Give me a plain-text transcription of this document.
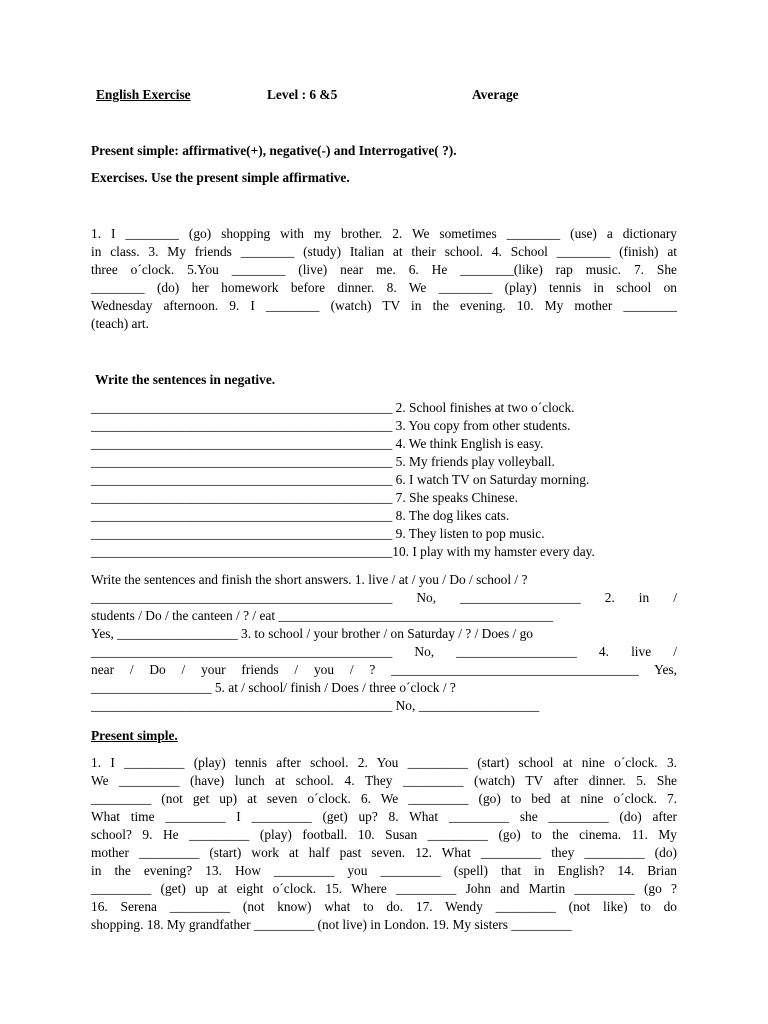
English Exercise	Level : 6 &5	Average
Present simple: affirmative(+), negative(-) and Interrogative( ?).
Exercises. Use the present simple affirmative.
1. I ________ (go) shopping with my brother. 2. We sometimes ________ (use) a dictionary
in class. 3. My friends ________ (study) Italian at their school. 4. School ________ (finish) at
three o´clock. 5.You ________ (live) near me. 6. He ________(like) rap music. 7. She
________ (do) her homework before dinner. 8. We ________ (play) tennis in school on
Wednesday afternoon. 9. I ________ (watch) TV in the evening. 10. My mother ________
(teach) art.
Write the sentences in negative.
_____________________________________________ 2. School finishes at two o´clock.
_____________________________________________ 3. You copy from other students.
_____________________________________________ 4. We think English is easy.
_____________________________________________ 5. My friends play volleyball.
_____________________________________________ 6. I watch TV on Saturday morning.
_____________________________________________ 7. She speaks Chinese.
_____________________________________________ 8. The dog likes cats.
_____________________________________________ 9. They listen to pop music.
_____________________________________________10. I play with my hamster every day.
Write the sentences and finish the short answers. 1. live / at / you / Do / school / ?
_____________________________________________ No, __________________ 2. in /
students / Do / the canteen / ? / eat _________________________________________
Yes, __________________ 3. to school / your brother / on Saturday / ? / Does / go
_____________________________________________ No, __________________ 4. live /
near / Do / your friends / you / ? _____________________________________ Yes,
__________________ 5. at / school/ finish / Does / three o´clock / ?
_____________________________________________ No, __________________
Present simple.
1. I _________ (play) tennis after school. 2. You _________ (start) school at nine o´clock. 3.
We _________ (have) lunch at school. 4. They _________ (watch) TV after dinner. 5. She
_________ (not get up) at seven o´clock. 6. We _________ (go) to bed at nine o´clock. 7.
What time _________ I _________ (get) up? 8. What _________ she _________ (do) after
school? 9. He _________ (play) football. 10. Susan _________ (go) to the cinema. 11. My
mother _________ (start) work at half past seven. 12. What _________ they _________ (do)
in the evening? 13. How _________ you _________ (spell) that in English? 14. Brian
_________ (get) up at eight o´clock. 15. Where _________ John and Martin _________ (go ?
16. Serena _________ (not know) what to do. 17. Wendy _________ (not like) to do
shopping. 18. My grandfather _________ (not live) in London. 19. My sisters _________
